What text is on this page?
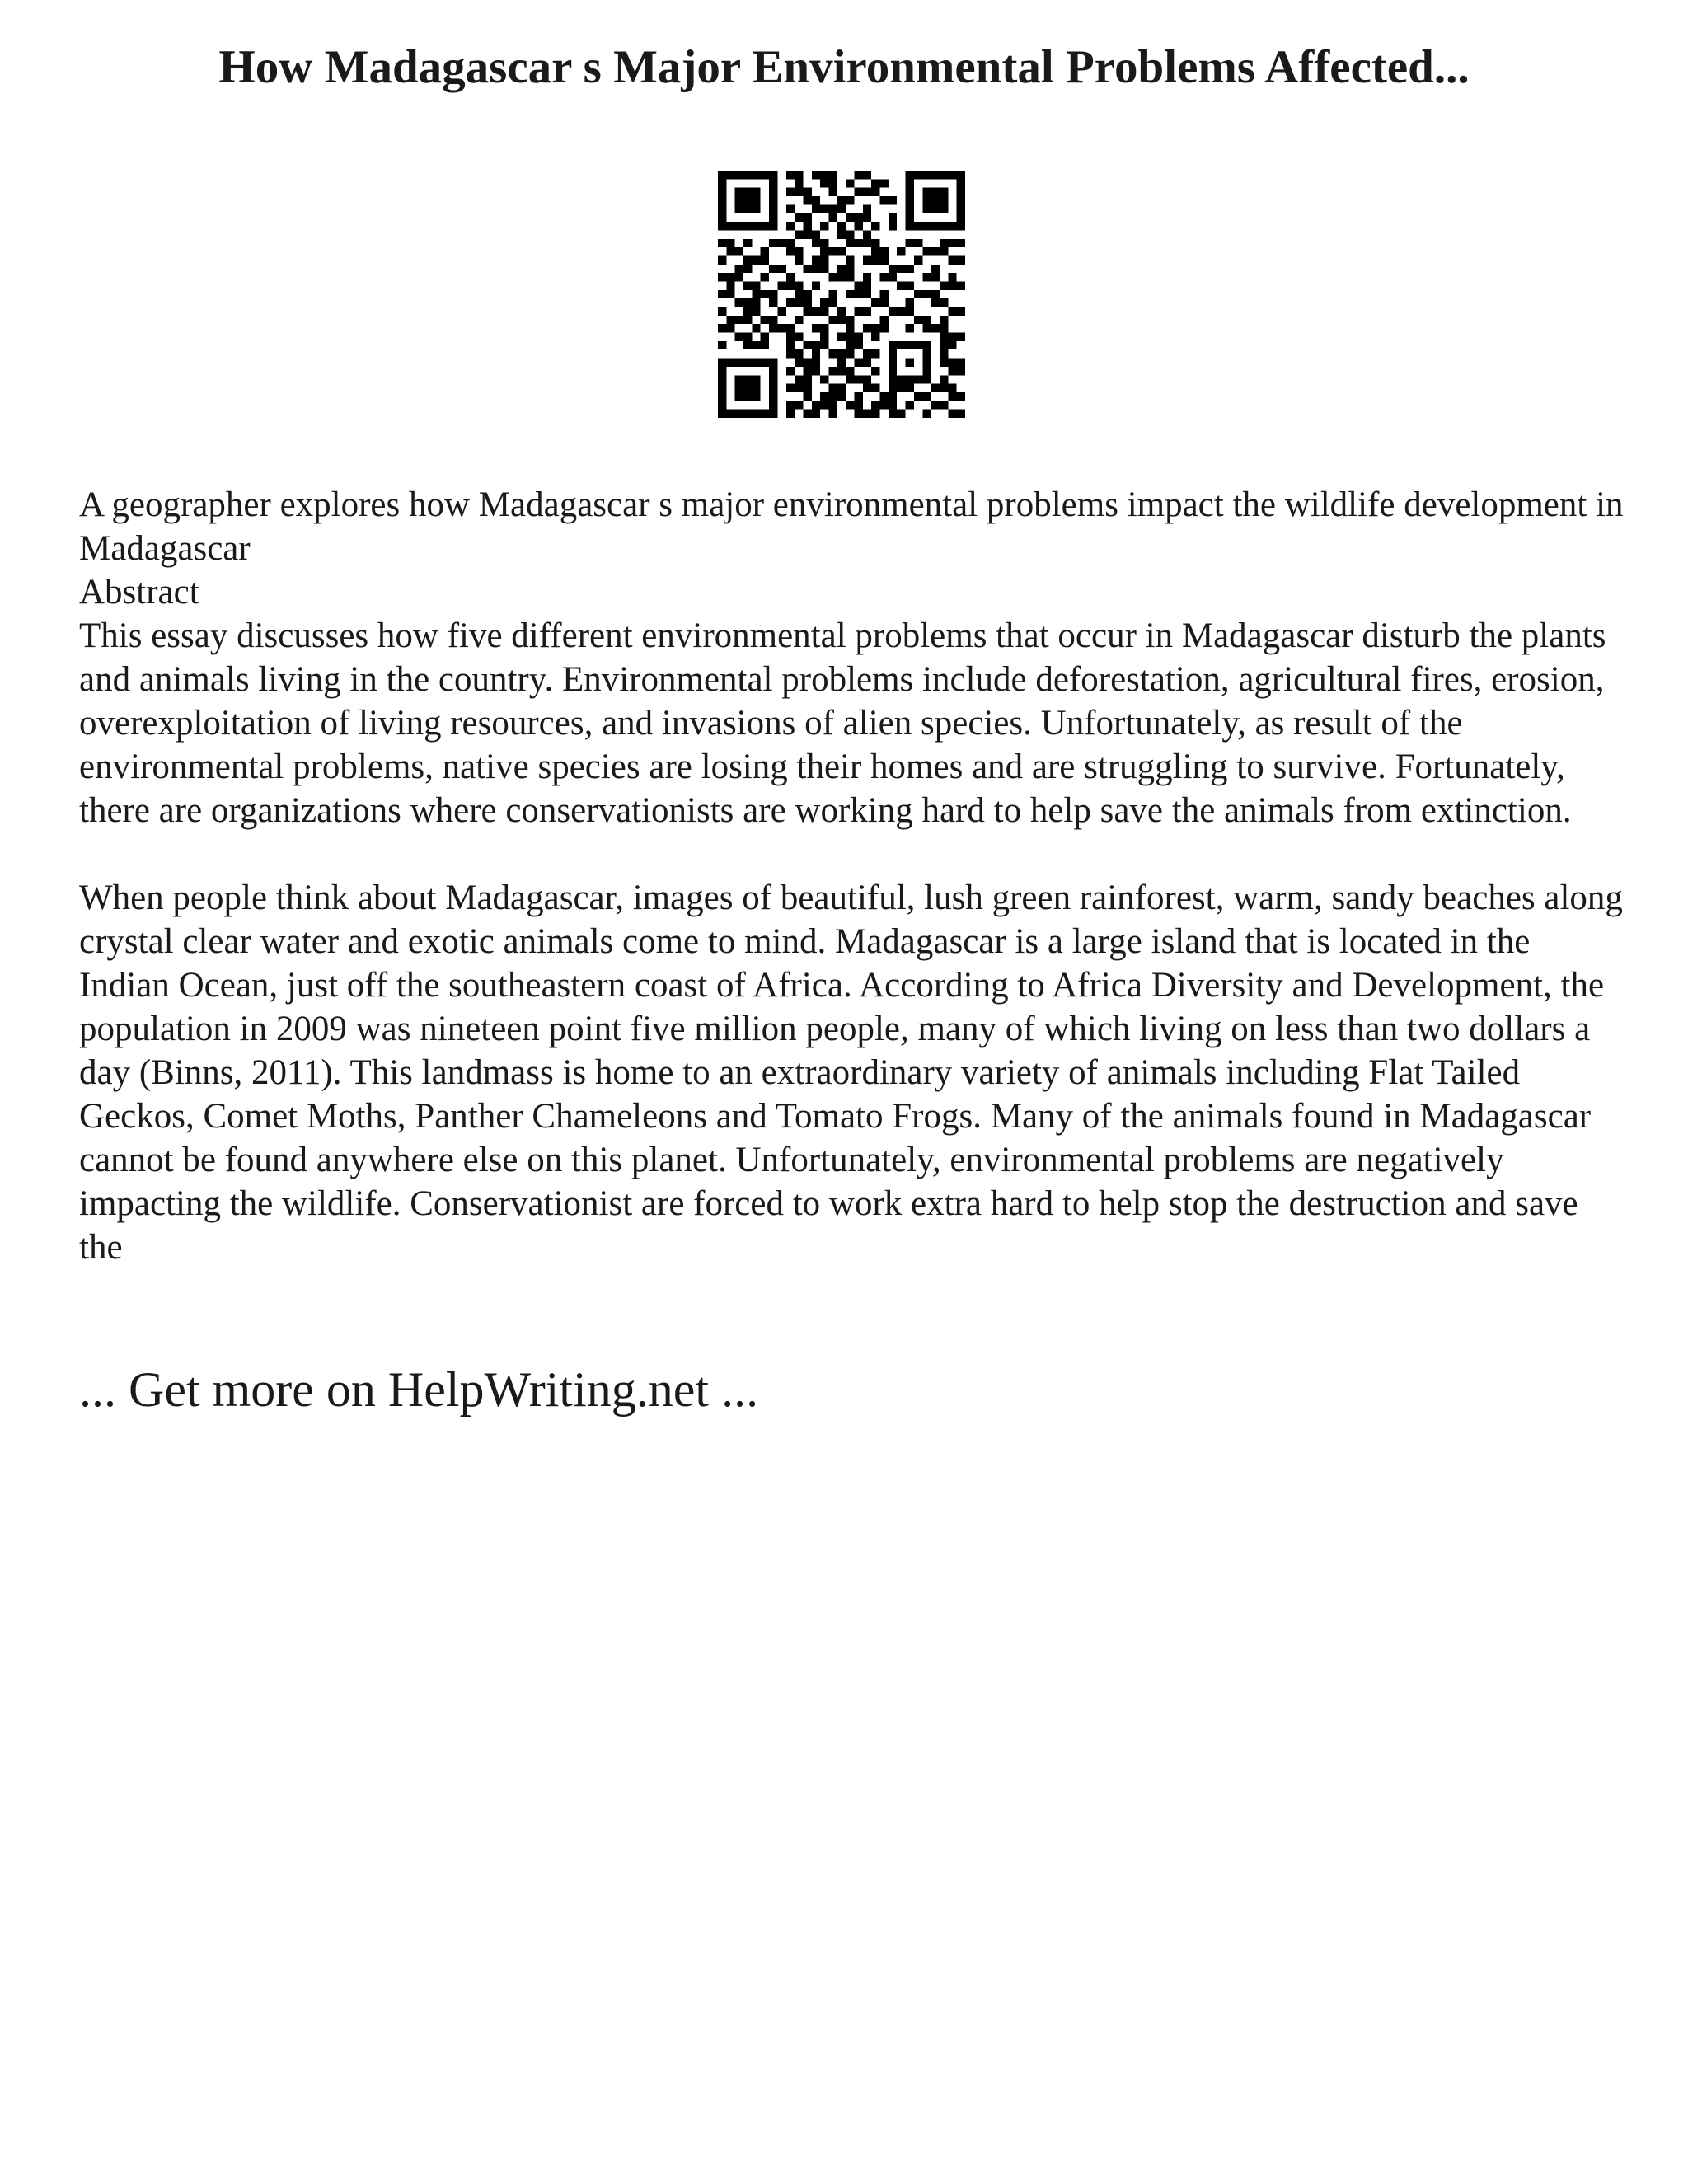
How Madagascar s Major Environmental Problems Affected...

A geographer explores how Madagascar s major environmental problems impact the wildlife development in Madagascar

Abstract

This essay discusses how five different environmental problems that occur in Madagascar disturb the plants and animals living in the country. Environmental problems include deforestation, agricultural fires, erosion, overexploitation of living resources, and invasions of alien species. Unfortunately, as result of the environmental problems, native species are losing their homes and are struggling to survive. Fortunately, there are organizations where conservationists are working hard to help save the animals from extinction.

When people think about Madagascar, images of beautiful, lush green rainforest, warm, sandy beaches along crystal clear water and exotic animals come to mind. Madagascar is a large island that is located in the Indian Ocean, just off the southeastern coast of Africa. According to Africa Diversity and Development, the population in 2009 was nineteen point five million people, many of which living on less than two dollars a day (Binns, 2011). This landmass is home to an extraordinary variety of animals including Flat Tailed Geckos, Comet Moths, Panther Chameleons and Tomato Frogs. Many of the animals found in Madagascar cannot be found anywhere else on this planet. Unfortunately, environmental problems are negatively impacting the wildlife. Conservationist are forced to work extra hard to help stop the destruction and save the

... Get more on HelpWriting.net ...
